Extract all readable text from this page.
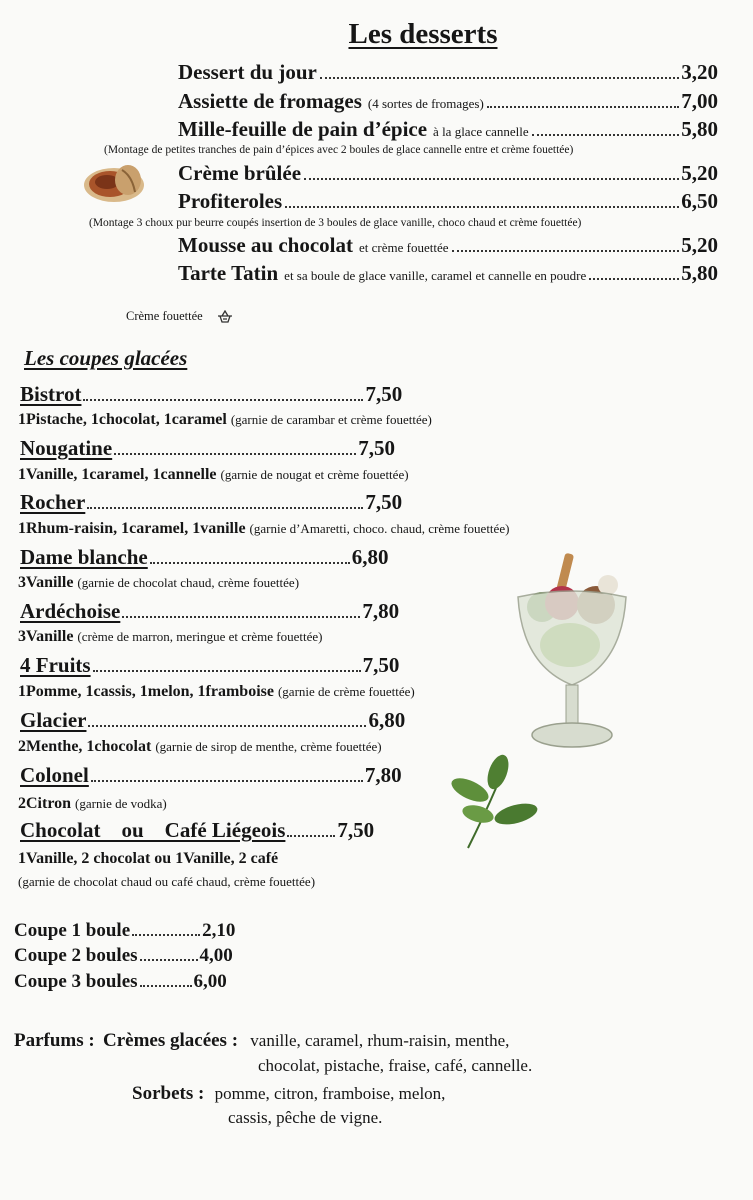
Les desserts
Dessert du jour	3,20
Assiette de fromages (4 sortes de fromages)	7,00
Mille-feuille de pain d’épice à la glace cannelle	5,80
(Montage de petites tranches de pain d’épices avec 2 boules de glace cannelle entre et crème fouettée)
Crème brûlée	5,20
Profiteroles	6,50
(Montage 3 choux pur beurre coupés insertion de 3 boules de glace vanille, choco chaud et crème fouettée)
Mousse au chocolat et crème fouettée	5,20
Tarte Tatin et sa boule de glace vanille, caramel et cannelle en poudre	5,80
Crème fouettée
Les coupes glacées
Bistrot	7,50
1Pistache, 1chocolat, 1caramel (garnie de carambar et crème fouettée)
Nougatine	7,50
1Vanille, 1caramel, 1cannelle (garnie de nougat et crème fouettée)
Rocher	7,50
1Rhum-raisin, 1caramel, 1vanille (garnie d’Amaretti, choco. chaud, crème fouettée)
Dame blanche	6,80
3Vanille (garnie de chocolat chaud, crème fouettée)
Ardéchoise	7,80
3Vanille (crème de marron, meringue et crème fouettée)
4 Fruits	7,50
1Pomme, 1cassis, 1melon, 1framboise (garnie de crème fouettée)
Glacier	6,80
2Menthe, 1chocolat (garnie de sirop de menthe, crème fouettée)
Colonel	7,80
2Citron (garnie de vodka)
Chocolat    ou    Café Liégeois 7,50
1Vanille, 2 chocolat ou 1Vanille, 2 café
(garnie de chocolat chaud ou café chaud, crème fouettée)
Coupe 1 boule	2,10
Coupe 2 boules	4,00
Coupe 3 boules	6,00
Parfums : Crèmes glacées : vanille, caramel, rhum-raisin, menthe,
chocolat, pistache, fraise, café, cannelle.
Sorbets : pomme, citron, framboise, melon,
cassis, pêche de vigne.
